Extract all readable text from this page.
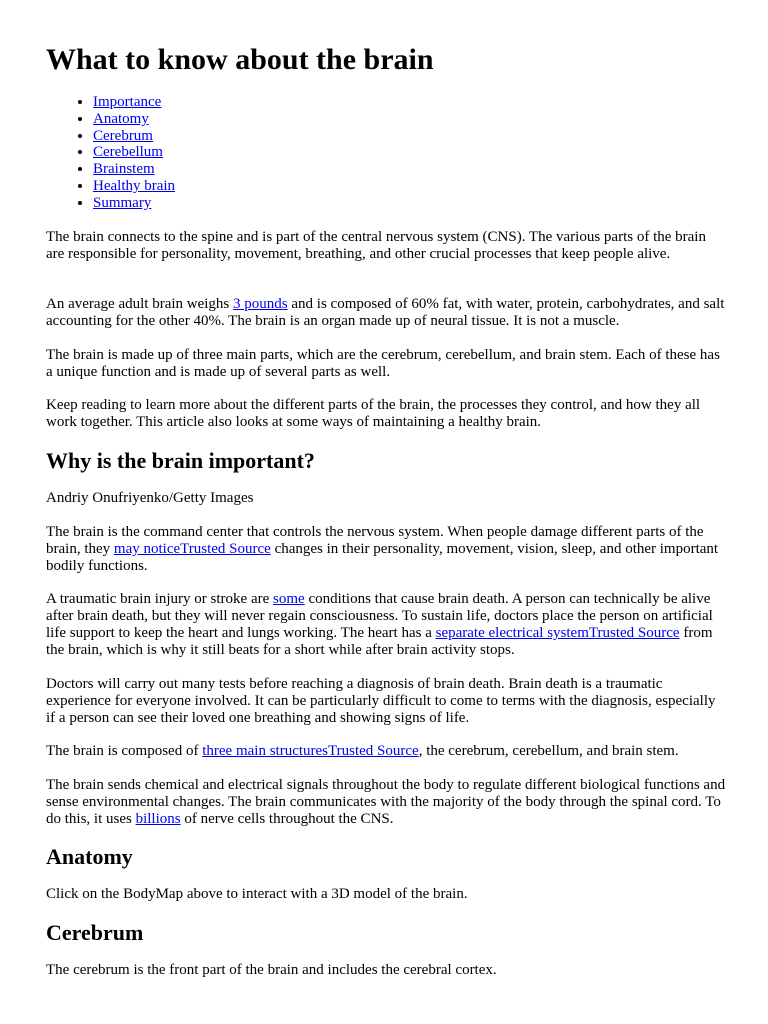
What to know about the brain
• Importance
• Anatomy
• Cerebrum
• Cerebellum
• Brainstem
• Healthy brain
• Summary

The brain connects to the spine and is part of the central nervous system (CNS). The various parts of the brain are responsible for personality, movement, breathing, and other crucial processes that keep people alive.

An average adult brain weighs 3 pounds and is composed of 60% fat, with water, protein, carbohydrates, and salt accounting for the other 40%. The brain is an organ made up of neural tissue. It is not a muscle.

The brain is made up of three main parts, which are the cerebrum, cerebellum, and brain stem. Each of these has a unique function and is made up of several parts as well.

Keep reading to learn more about the different parts of the brain, the processes they control, and how they all work together. This article also looks at some ways of maintaining a healthy brain.

Why is the brain important?

Andriy Onufriyenko/Getty Images

The brain is the command center that controls the nervous system. When people damage different parts of the brain, they may noticeTrusted Source changes in their personality, movement, vision, sleep, and other important bodily functions.

A traumatic brain injury or stroke are some conditions that cause brain death. A person can technically be alive after brain death, but they will never regain consciousness. To sustain life, doctors place the person on artificial life support to keep the heart and lungs working. The heart has a separate electrical systemTrusted Source from the brain, which is why it still beats for a short while after brain activity stops.

Doctors will carry out many tests before reaching a diagnosis of brain death. Brain death is a traumatic experience for everyone involved. It can be particularly difficult to come to terms with the diagnosis, especially if a person can see their loved one breathing and showing signs of life.

The brain is composed of three main structuresTrusted Source, the cerebrum, cerebellum, and brain stem.

The brain sends chemical and electrical signals throughout the body to regulate different biological functions and sense environmental changes. The brain communicates with the majority of the body through the spinal cord. To do this, it uses billions of nerve cells throughout the CNS.

Anatomy

Click on the BodyMap above to interact with a 3D model of the brain.

Cerebrum

The cerebrum is the front part of the brain and includes the cerebral cortex.
